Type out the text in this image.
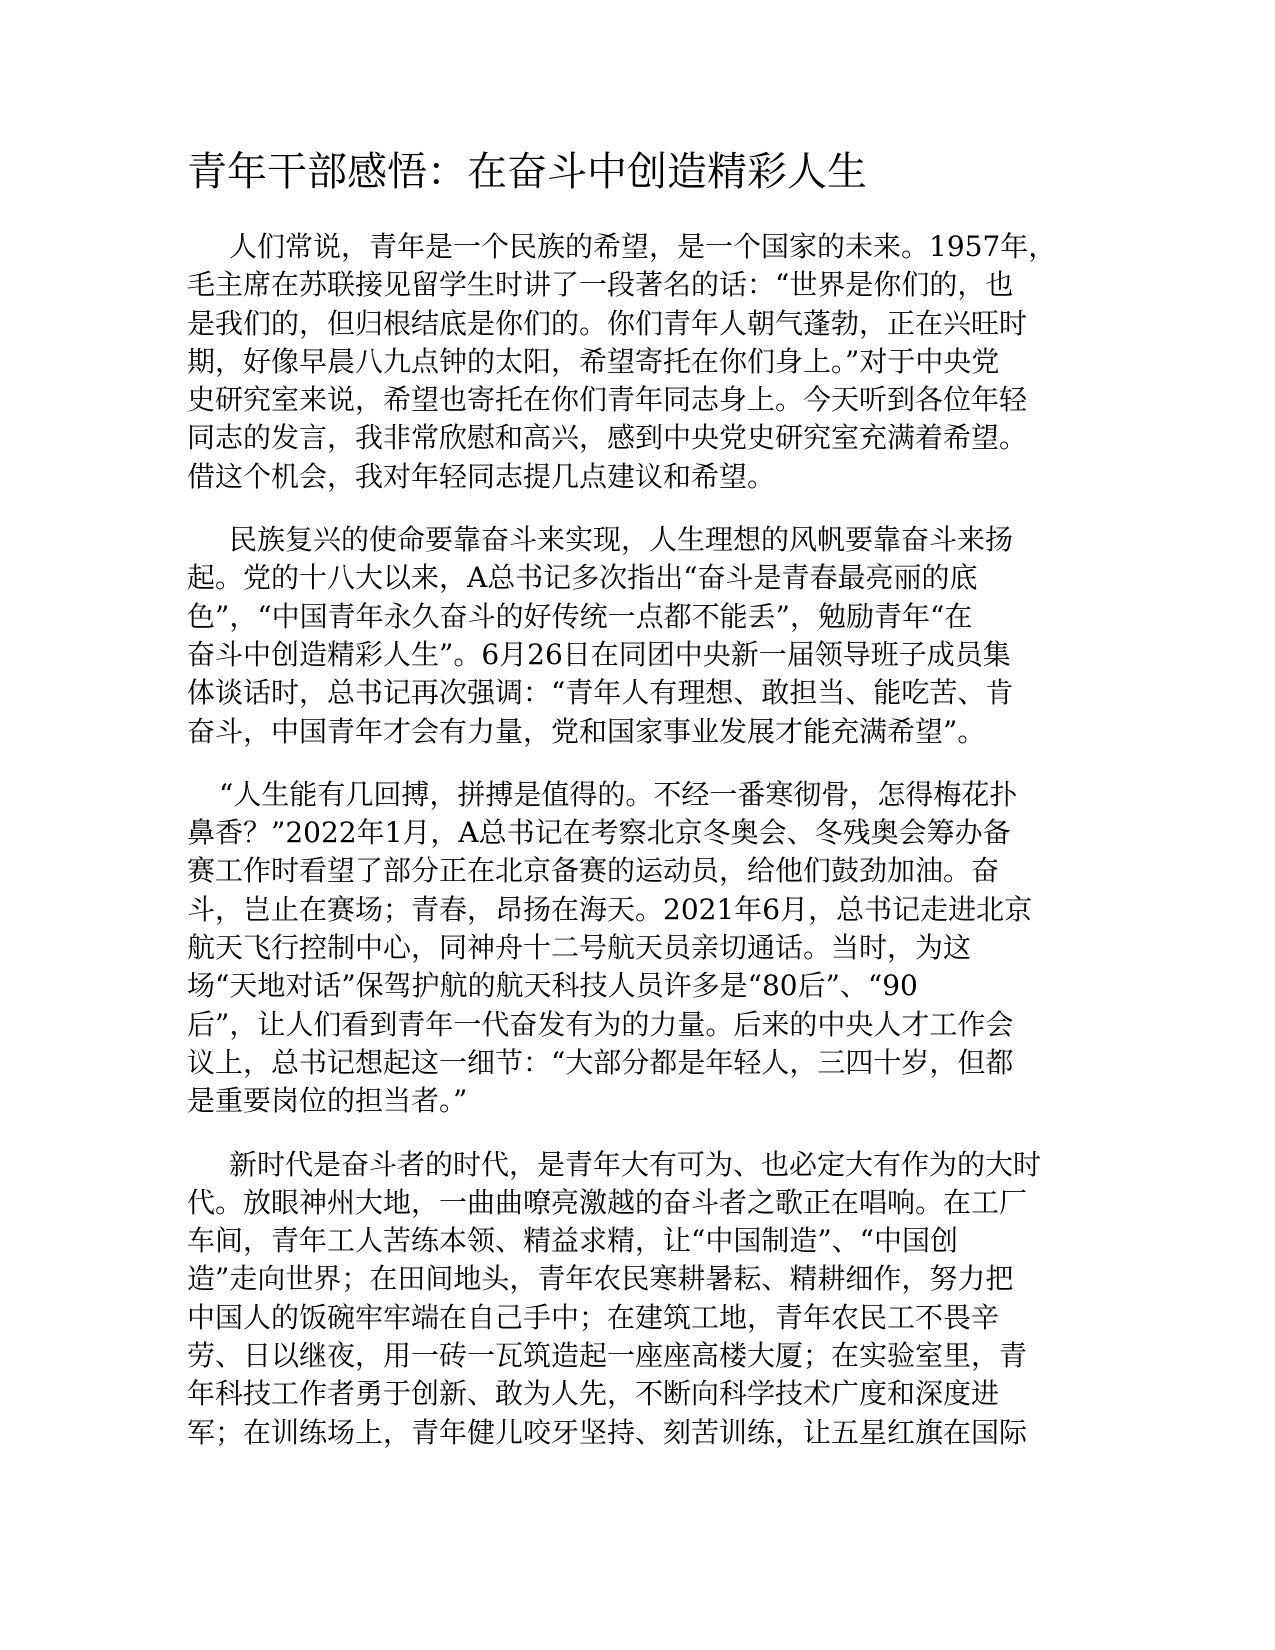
青年干部感悟：在奋斗中创造精彩人生

人们常说，青年是一个民族的希望，是一个国家的未来。1957年，
毛主席在苏联接见留学生时讲了一段著名的话：“世界是你们的，也
是我们的，但归根结底是你们的。你们青年人朝气蓬勃，正在兴旺时
期，好像早晨八九点钟的太阳，希望寄托在你们身上。”对于中央党
史研究室来说，希望也寄托在你们青年同志身上。今天听到各位年轻
同志的发言，我非常欣慰和高兴，感到中央党史研究室充满着希望。
借这个机会，我对年轻同志提几点建议和希望。

民族复兴的使命要靠奋斗来实现，人生理想的风帆要靠奋斗来扬
起。党的十八大以来，A总书记多次指出“奋斗是青春最亮丽的底
色”，“中国青年永久奋斗的好传统一点都不能丢”，勉励青年“在
奋斗中创造精彩人生”。6月26日在同团中央新一届领导班子成员集
体谈话时，总书记再次强调：“青年人有理想、敢担当、能吃苦、肯
奋斗，中国青年才会有力量，党和国家事业发展才能充满希望”。

“人生能有几回搏，拼搏是值得的。不经一番寒彻骨，怎得梅花扑
鼻香？”2022年1月，A总书记在考察北京冬奥会、冬残奥会筹办备
赛工作时看望了部分正在北京备赛的运动员，给他们鼓劲加油。奋
斗，岂止在赛场；青春，昂扬在海天。2021年6月，总书记走进北京
航天飞行控制中心，同神舟十二号航天员亲切通话。当时，为这
场“天地对话”保驾护航的航天科技人员许多是“80后”、“90
后”，让人们看到青年一代奋发有为的力量。后来的中央人才工作会
议上，总书记想起这一细节：“大部分都是年轻人，三四十岁，但都
是重要岗位的担当者。”

新时代是奋斗者的时代，是青年大有可为、也必定大有作为的大时
代。放眼神州大地，一曲曲嘹亮激越的奋斗者之歌正在唱响。在工厂
车间，青年工人苦练本领、精益求精，让“中国制造”、“中国创
造”走向世界；在田间地头，青年农民寒耕暑耘、精耕细作，努力把
中国人的饭碗牢牢端在自己手中；在建筑工地，青年农民工不畏辛
劳、日以继夜，用一砖一瓦筑造起一座座高楼大厦；在实验室里，青
年科技工作者勇于创新、敢为人先，不断向科学技术广度和深度进
军；在训练场上，青年健儿咬牙坚持、刻苦训练，让五星红旗在国际
